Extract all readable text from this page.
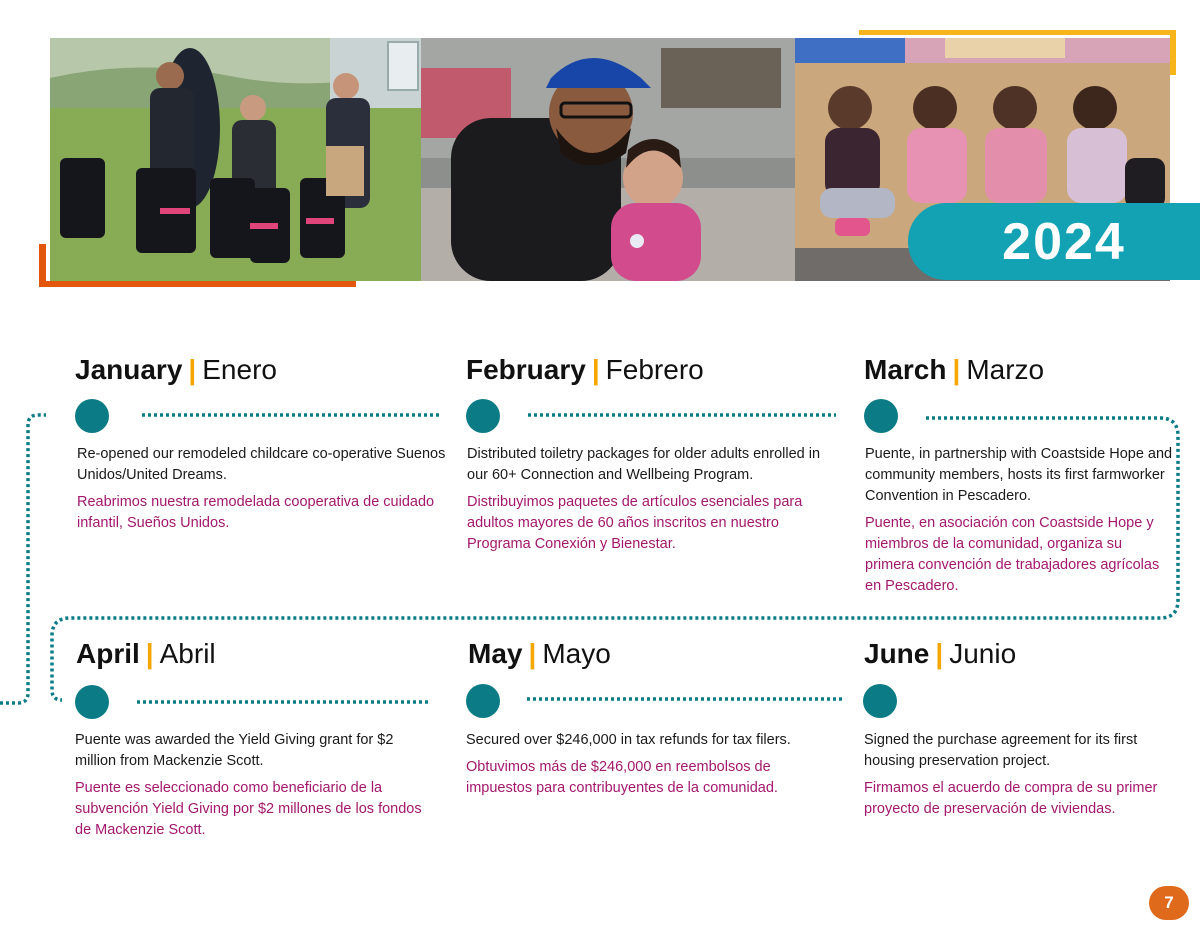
2024
January | Enero
Re-opened our remodeled childcare co-operative Suenos Unidos/United Dreams.
Reabrimos nuestra remodelada cooperativa de cuidado infantil, Sueños Unidos.
February | Febrero
Distributed toiletry packages for older adults enrolled in our 60+ Connection and Wellbeing Program.
Distribuyimos paquetes de artículos esenciales para adultos mayores de 60 años inscritos en nuestro Programa Conexión y Bienestar.
March | Marzo
Puente, in partnership with Coastside Hope and community members, hosts its first farmworker Convention in Pescadero.
Puente, en asociación con Coastside Hope y miembros de la comunidad, organiza su primera convención de trabajadores agrícolas en Pescadero.
April | Abril
Puente was awarded the Yield Giving grant for $2 million from Mackenzie Scott.
Puente es seleccionado como beneficiario de la subvención Yield Giving por $2 millones de los fondos de Mackenzie Scott.
May | Mayo
Secured over $246,000 in tax refunds for tax filers.
Obtuvimos más de $246,000 en reembolsos de impuestos para contribuyentes de la comunidad.
June | Junio
Signed the purchase agreement for its first housing preservation project.
Firmamos el acuerdo de compra de su primer proyecto de preservación de viviendas.
7
